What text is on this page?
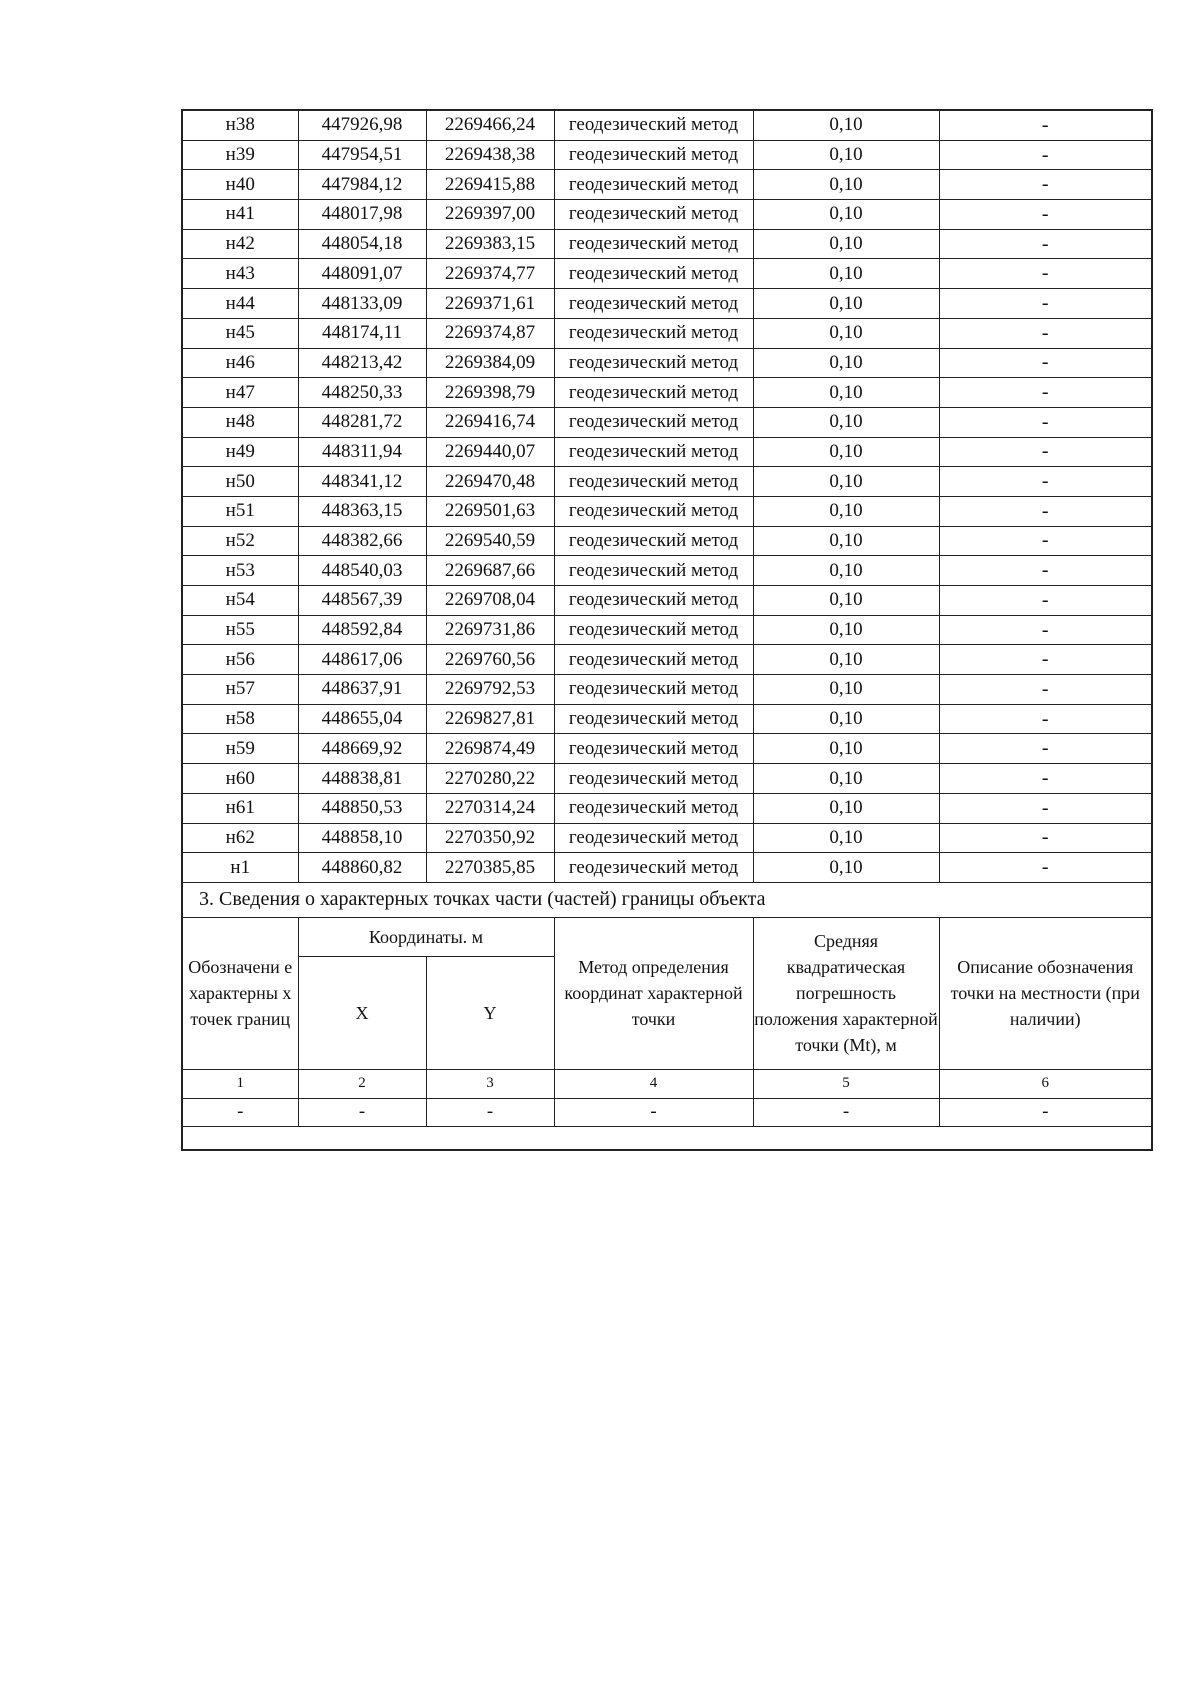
н38	447926,98	2269466,24	геодезический метод	0,10	-
н39	447954,51	2269438,38	геодезический метод	0,10	-
н40	447984,12	2269415,88	геодезический метод	0,10	-
н41	448017,98	2269397,00	геодезический метод	0,10	-
н42	448054,18	2269383,15	геодезический метод	0,10	-
н43	448091,07	2269374,77	геодезический метод	0,10	-
н44	448133,09	2269371,61	геодезический метод	0,10	-
н45	448174,11	2269374,87	геодезический метод	0,10	-
н46	448213,42	2269384,09	геодезический метод	0,10	-
н47	448250,33	2269398,79	геодезический метод	0,10	-
н48	448281,72	2269416,74	геодезический метод	0,10	-
н49	448311,94	2269440,07	геодезический метод	0,10	-
н50	448341,12	2269470,48	геодезический метод	0,10	-
н51	448363,15	2269501,63	геодезический метод	0,10	-
н52	448382,66	2269540,59	геодезический метод	0,10	-
н53	448540,03	2269687,66	геодезический метод	0,10	-
н54	448567,39	2269708,04	геодезический метод	0,10	-
н55	448592,84	2269731,86	геодезический метод	0,10	-
н56	448617,06	2269760,56	геодезический метод	0,10	-
н57	448637,91	2269792,53	геодезический метод	0,10	-
н58	448655,04	2269827,81	геодезический метод	0,10	-
н59	448669,92	2269874,49	геодезический метод	0,10	-
н60	448838,81	2270280,22	геодезический метод	0,10	-
н61	448850,53	2270314,24	геодезический метод	0,10	-
н62	448858,10	2270350,92	геодезический метод	0,10	-
н1	448860,82	2270385,85	геодезический метод	0,10	-
3. Сведения о характерных точках части (частей) границы объекта					
Обозначени е характерны х точек границ	Координаты. м		Метод определения координат характерной точки	Средняя квадратическая погрешность положения характерной точки (Mt), м	Описание обозначения точки на местности (при наличии)
	X	Y			
1	2	3	4	5	6
-	-	-	-	-	-
